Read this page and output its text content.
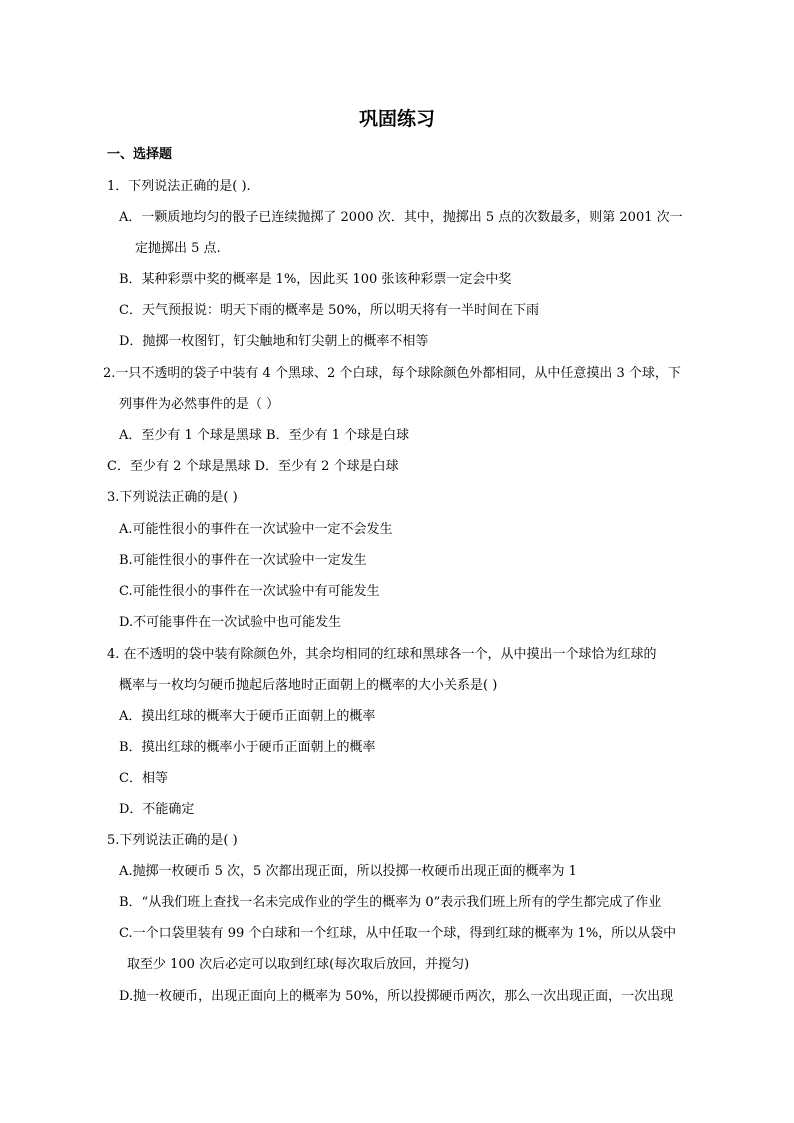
巩固练习
一、选择题
1．下列说法正确的是( ).
A．一颗质地均匀的骰子已连续抛掷了 2000 次．其中，抛掷出 5 点的次数最多，则第 2001 次一
定抛掷出 5 点.
B．某种彩票中奖的概率是 1%，因此买 100 张该种彩票一定会中奖
C．天气预报说：明天下雨的概率是 50%，所以明天将有一半时间在下雨
D．抛掷一枚图钉，钉尖触地和钉尖朝上的概率不相等
2.一只不透明的袋子中装有 4 个黑球、2 个白球，每个球除颜色外都相同，从中任意摸出 3 个球，下
列事件为必然事件的是（ ）
A．至少有 1 个球是黑球 B．至少有 1 个球是白球
C．至少有 2 个球是黑球 D．至少有 2 个球是白球
3.下列说法正确的是( )
A.可能性很小的事件在一次试验中一定不会发生
B.可能性很小的事件在一次试验中一定发生
C.可能性很小的事件在一次试验中有可能发生
D.不可能事件在一次试验中也可能发生
4. 在不透明的袋中装有除颜色外，其余均相同的红球和黑球各一个，从中摸出一个球恰为红球的
概率与一枚均匀硬币抛起后落地时正面朝上的概率的大小关系是( )
A．摸出红球的概率大于硬币正面朝上的概率
B．摸出红球的概率小于硬币正面朝上的概率
C．相等
D．不能确定
5.下列说法正确的是( )
A.抛掷一枚硬币 5 次，5 次都出现正面，所以投掷一枚硬币出现正面的概率为 1
B．“从我们班上查找一名未完成作业的学生的概率为 0”表示我们班上所有的学生都完成了作业
C.一个口袋里装有 99 个白球和一个红球，从中任取一个球，得到红球的概率为 1%，所以从袋中
取至少 100 次后必定可以取到红球(每次取后放回，并搅匀)
D.抛一枚硬币，出现正面向上的概率为 50%，所以投掷硬币两次，那么一次出现正面，一次出现
